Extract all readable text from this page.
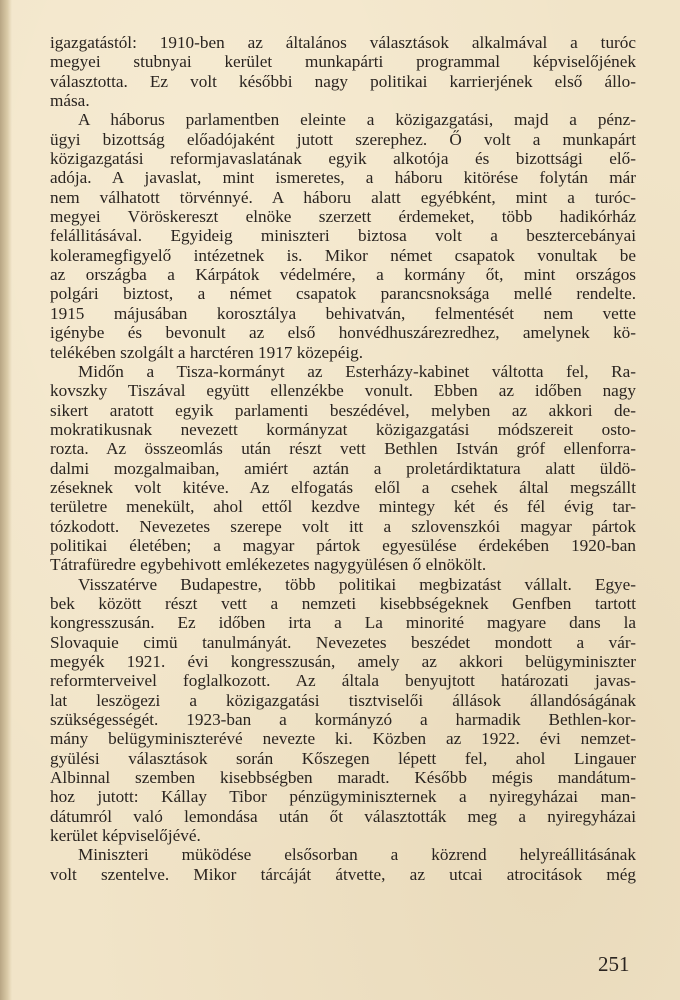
igazgatástól: 1910-ben az általános választások alkalmával a turóc
megyei stubnyai kerület munkapárti programmal képviselőjének
választotta. Ez volt későbbi nagy politikai karrierjének első állo-
mása.
A háborus parlamentben eleinte a közigazgatási, majd a pénz-
ügyi bizottság előadójaként jutott szerephez. Ő volt a munkapárt
közigazgatási reformjavaslatának egyik alkotója és bizottsági elő-
adója. A javaslat, mint ismeretes, a háboru kitörése folytán már
nem válhatott törvénnyé. A háboru alatt egyébként, mint a turóc-
megyei Vöröskereszt elnöke szerzett érdemeket, több hadikórház
felállitásával. Egyideig miniszteri biztosa volt a besztercebányai
koleramegfigyelő intézetnek is. Mikor német csapatok vonultak be
az országba a Kárpátok védelmére, a kormány őt, mint országos
polgári biztost, a német csapatok parancsnoksága mellé rendelte.
1915 májusában korosztálya behivatván, felmentését nem vette
igénybe és bevonult az első honvédhuszárezredhez, amelynek kö-
telékében szolgált a harctéren 1917 közepéig.
Midőn a Tisza-kormányt az Esterházy-kabinet váltotta fel, Ra-
kovszky Tiszával együtt ellenzékbe vonult. Ebben az időben nagy
sikert aratott egyik parlamenti beszédével, melyben az akkori de-
mokratikusnak nevezett kormányzat közigazgatási módszereit osto-
rozta. Az összeomlás után részt vett Bethlen István gróf ellenforra-
dalmi mozgalmaiban, amiért aztán a proletárdiktatura alatt üldö-
zéseknek volt kitéve. Az elfogatás elől a csehek által megszállt
területre menekült, ahol ettől kezdve mintegy két és fél évig tar-
tózkodott. Nevezetes szerepe volt itt a szlovenszkói magyar pártok
politikai életében; a magyar pártok egyesülése érdekében 1920-ban
Tátrafüredre egybehivott emlékezetes nagygyülésen ő elnökölt.
Visszatérve Budapestre, több politikai megbizatást vállalt. Egye-
bek között részt vett a nemzeti kisebbségeknek Genfben tartott
kongresszusán. Ez időben irta a La minorité magyare dans la
Slovaquie cimü tanulmányát. Nevezetes beszédet mondott a vár-
megyék 1921. évi kongresszusán, amely az akkori belügyminiszter
reformterveivel foglalkozott. Az általa benyujtott határozati javas-
lat leszögezi a közigazgatási tisztviselői állások állandóságának
szükségességét. 1923-ban a kormányzó a harmadik Bethlen-kor-
mány belügyminiszterévé nevezte ki. Közben az 1922. évi nemzet-
gyülési választások során Kőszegen lépett fel, ahol Lingauer
Albinnal szemben kisebbségben maradt. Később mégis mandátum-
hoz jutott: Kállay Tibor pénzügyminiszternek a nyiregyházai man-
dátumról való lemondása után őt választották meg a nyiregyházai
kerület képviselőjévé.
Miniszteri müködése elsősorban a közrend helyreállitásának
volt szentelve. Mikor tárcáját átvette, az utcai atrocitások még
251
